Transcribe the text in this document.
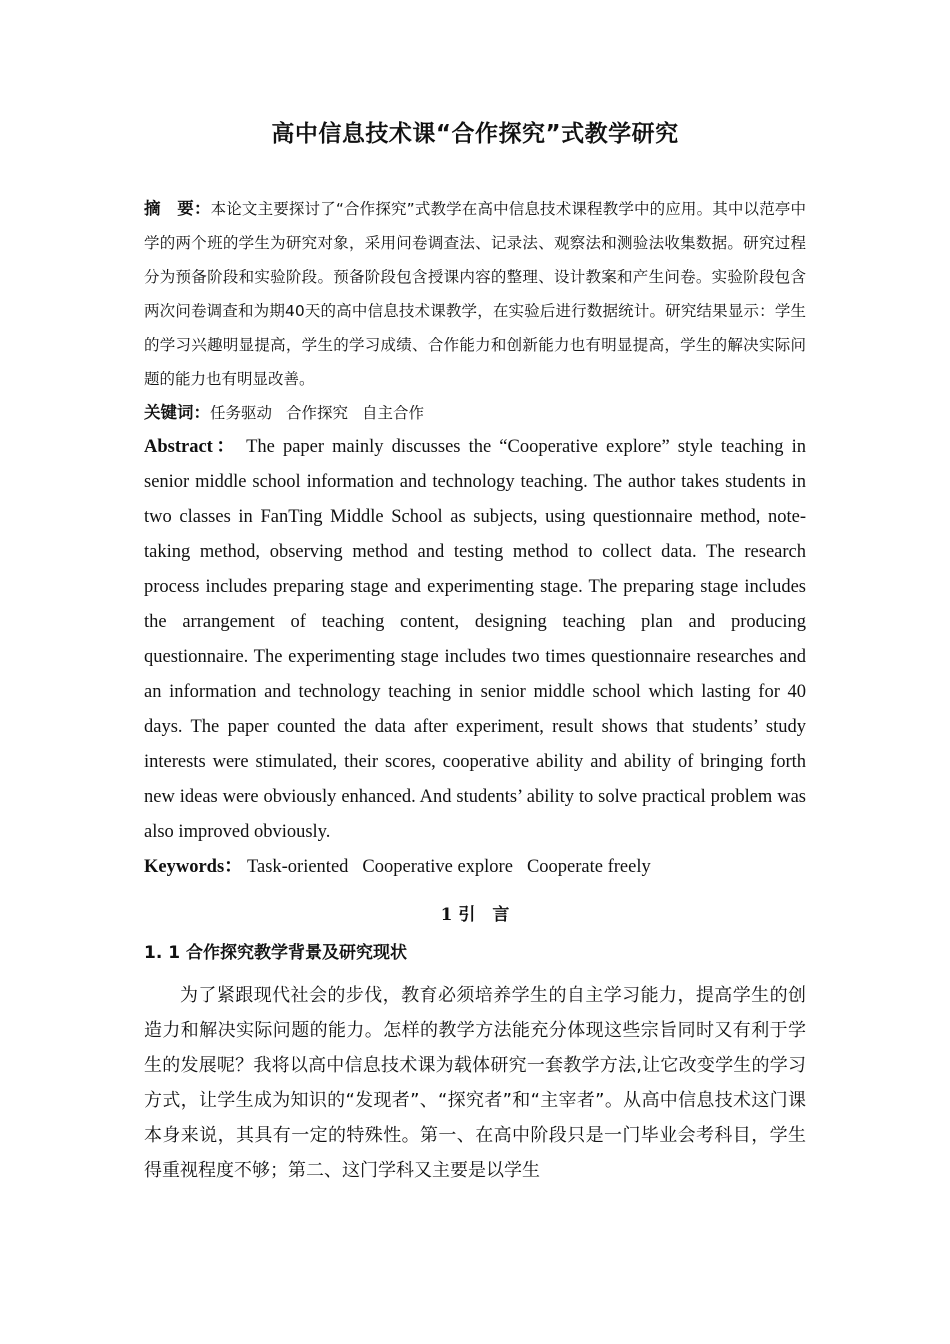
高中信息技术课“合作探究”式教学研究

摘　要：本论文主要探讨了“合作探究”式教学在高中信息技术课程教学中的应用。其中以范亭中学的两个班的学生为研究对象，采用问卷调查法、记录法、观察法和测验法收集数据。研究过程分为预备阶段和实验阶段。预备阶段包含授课内容的整理、设计教案和产生问卷。实验阶段包含两次问卷调查和为期40天的高中信息技术课教学，在实验后进行数据统计。研究结果显示：学生的学习兴趣明显提高，学生的学习成绩、合作能力和创新能力也有明显提高，学生的解决实际问题的能力也有明显改善。

关键词：任务驱动 合作探究 自主合作

Abstract： The paper mainly discusses the “Cooperative explore” style teaching in senior middle school information and technology teaching. The author takes students in two classes in FanTing Middle School as subjects, using questionnaire method, note-taking method, observing method and testing method to collect data. The research process includes preparing stage and experimenting stage. The preparing stage includes the arrangement of teaching content, designing teaching plan and producing questionnaire. The experimenting stage includes two times questionnaire researches and an information and technology teaching in senior middle school which lasting for 40 days. The paper counted the data after experiment, result shows that students’ study interests were stimulated, their scores, cooperative ability and ability of bringing forth new ideas were obviously enhanced. And students’ ability to solve practical problem was also improved obviously.

Keywords： Task-oriented Cooperative explore Cooperate freely

1 引　言
1. 1 合作探究教学背景及研究现状

为了紧跟现代社会的步伐，教育必须培养学生的自主学习能力，提高学生的创造力和解决实际问题的能力。怎样的教学方法能充分体现这些宗旨同时又有利于学生的发展呢？我将以高中信息技术课为载体研究一套教学方法,让它改变学生的学习方式，让学生成为知识的“发现者”、“探究者”和“主宰者”。从高中信息技术这门课本身来说，其具有一定的特殊性。第一、在高中阶段只是一门毕业会考科目，学生得重视程度不够；第二、这门学科又主要是以学生
